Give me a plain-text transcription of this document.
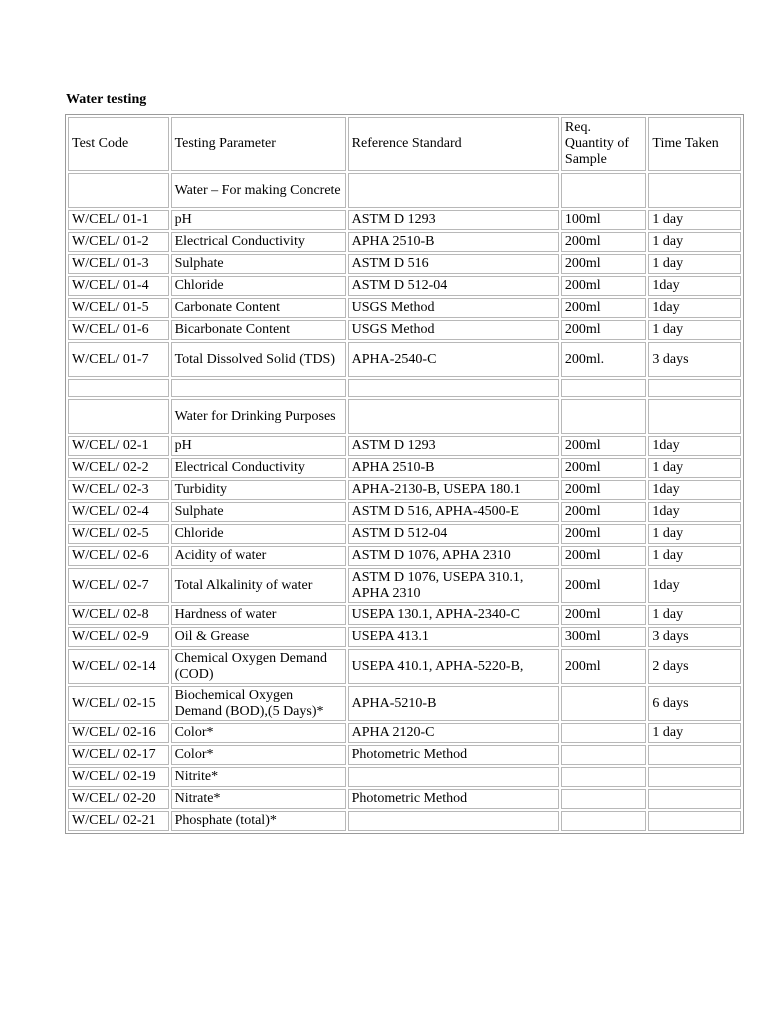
Water testing
Test Code	Testing Parameter	Reference Standard	Req. Quantity of Sample	Time Taken
	Water – For making Concrete			
W/CEL/ 01-1	pH	ASTM D 1293	100ml	1 day
W/CEL/ 01-2	Electrical Conductivity	APHA 2510-B	200ml	1 day
W/CEL/ 01-3	Sulphate	ASTM D 516	200ml	1 day
W/CEL/ 01-4	Chloride	ASTM D 512-04	200ml	1day
W/CEL/ 01-5	Carbonate Content	USGS Method	200ml	1day
W/CEL/ 01-6	Bicarbonate Content	USGS Method	200ml	1 day
W/CEL/ 01-7	Total Dissolved Solid (TDS)	APHA-2540-C	200ml.	3 days

	Water for Drinking Purposes			
W/CEL/ 02-1	pH	ASTM D 1293	200ml	1day
W/CEL/ 02-2	Electrical Conductivity	APHA 2510-B	200ml	1 day
W/CEL/ 02-3	Turbidity	APHA-2130-B, USEPA 180.1	200ml	1day
W/CEL/ 02-4	Sulphate	ASTM D 516, APHA-4500-E	200ml	1day
W/CEL/ 02-5	Chloride	ASTM D 512-04	200ml	1 day
W/CEL/ 02-6	Acidity of water	ASTM D 1076, APHA 2310	200ml	1 day
W/CEL/ 02-7	Total Alkalinity of water	ASTM D 1076, USEPA 310.1, APHA 2310	200ml	1day
W/CEL/ 02-8	Hardness of water	USEPA 130.1, APHA-2340-C	200ml	1 day
W/CEL/ 02-9	Oil & Grease	USEPA 413.1	300ml	3 days
W/CEL/ 02-14	Chemical Oxygen Demand (COD)	USEPA 410.1, APHA-5220-B,	200ml	2 days
W/CEL/ 02-15	Biochemical Oxygen Demand (BOD),(5 Days)*	APHA-5210-B		6 days
W/CEL/ 02-16	Color*	APHA 2120-C		1 day
W/CEL/ 02-17	Color*	Photometric Method		
W/CEL/ 02-19	Nitrite*			
W/CEL/ 02-20	Nitrate*	Photometric Method		
W/CEL/ 02-21	Phosphate (total)*			
